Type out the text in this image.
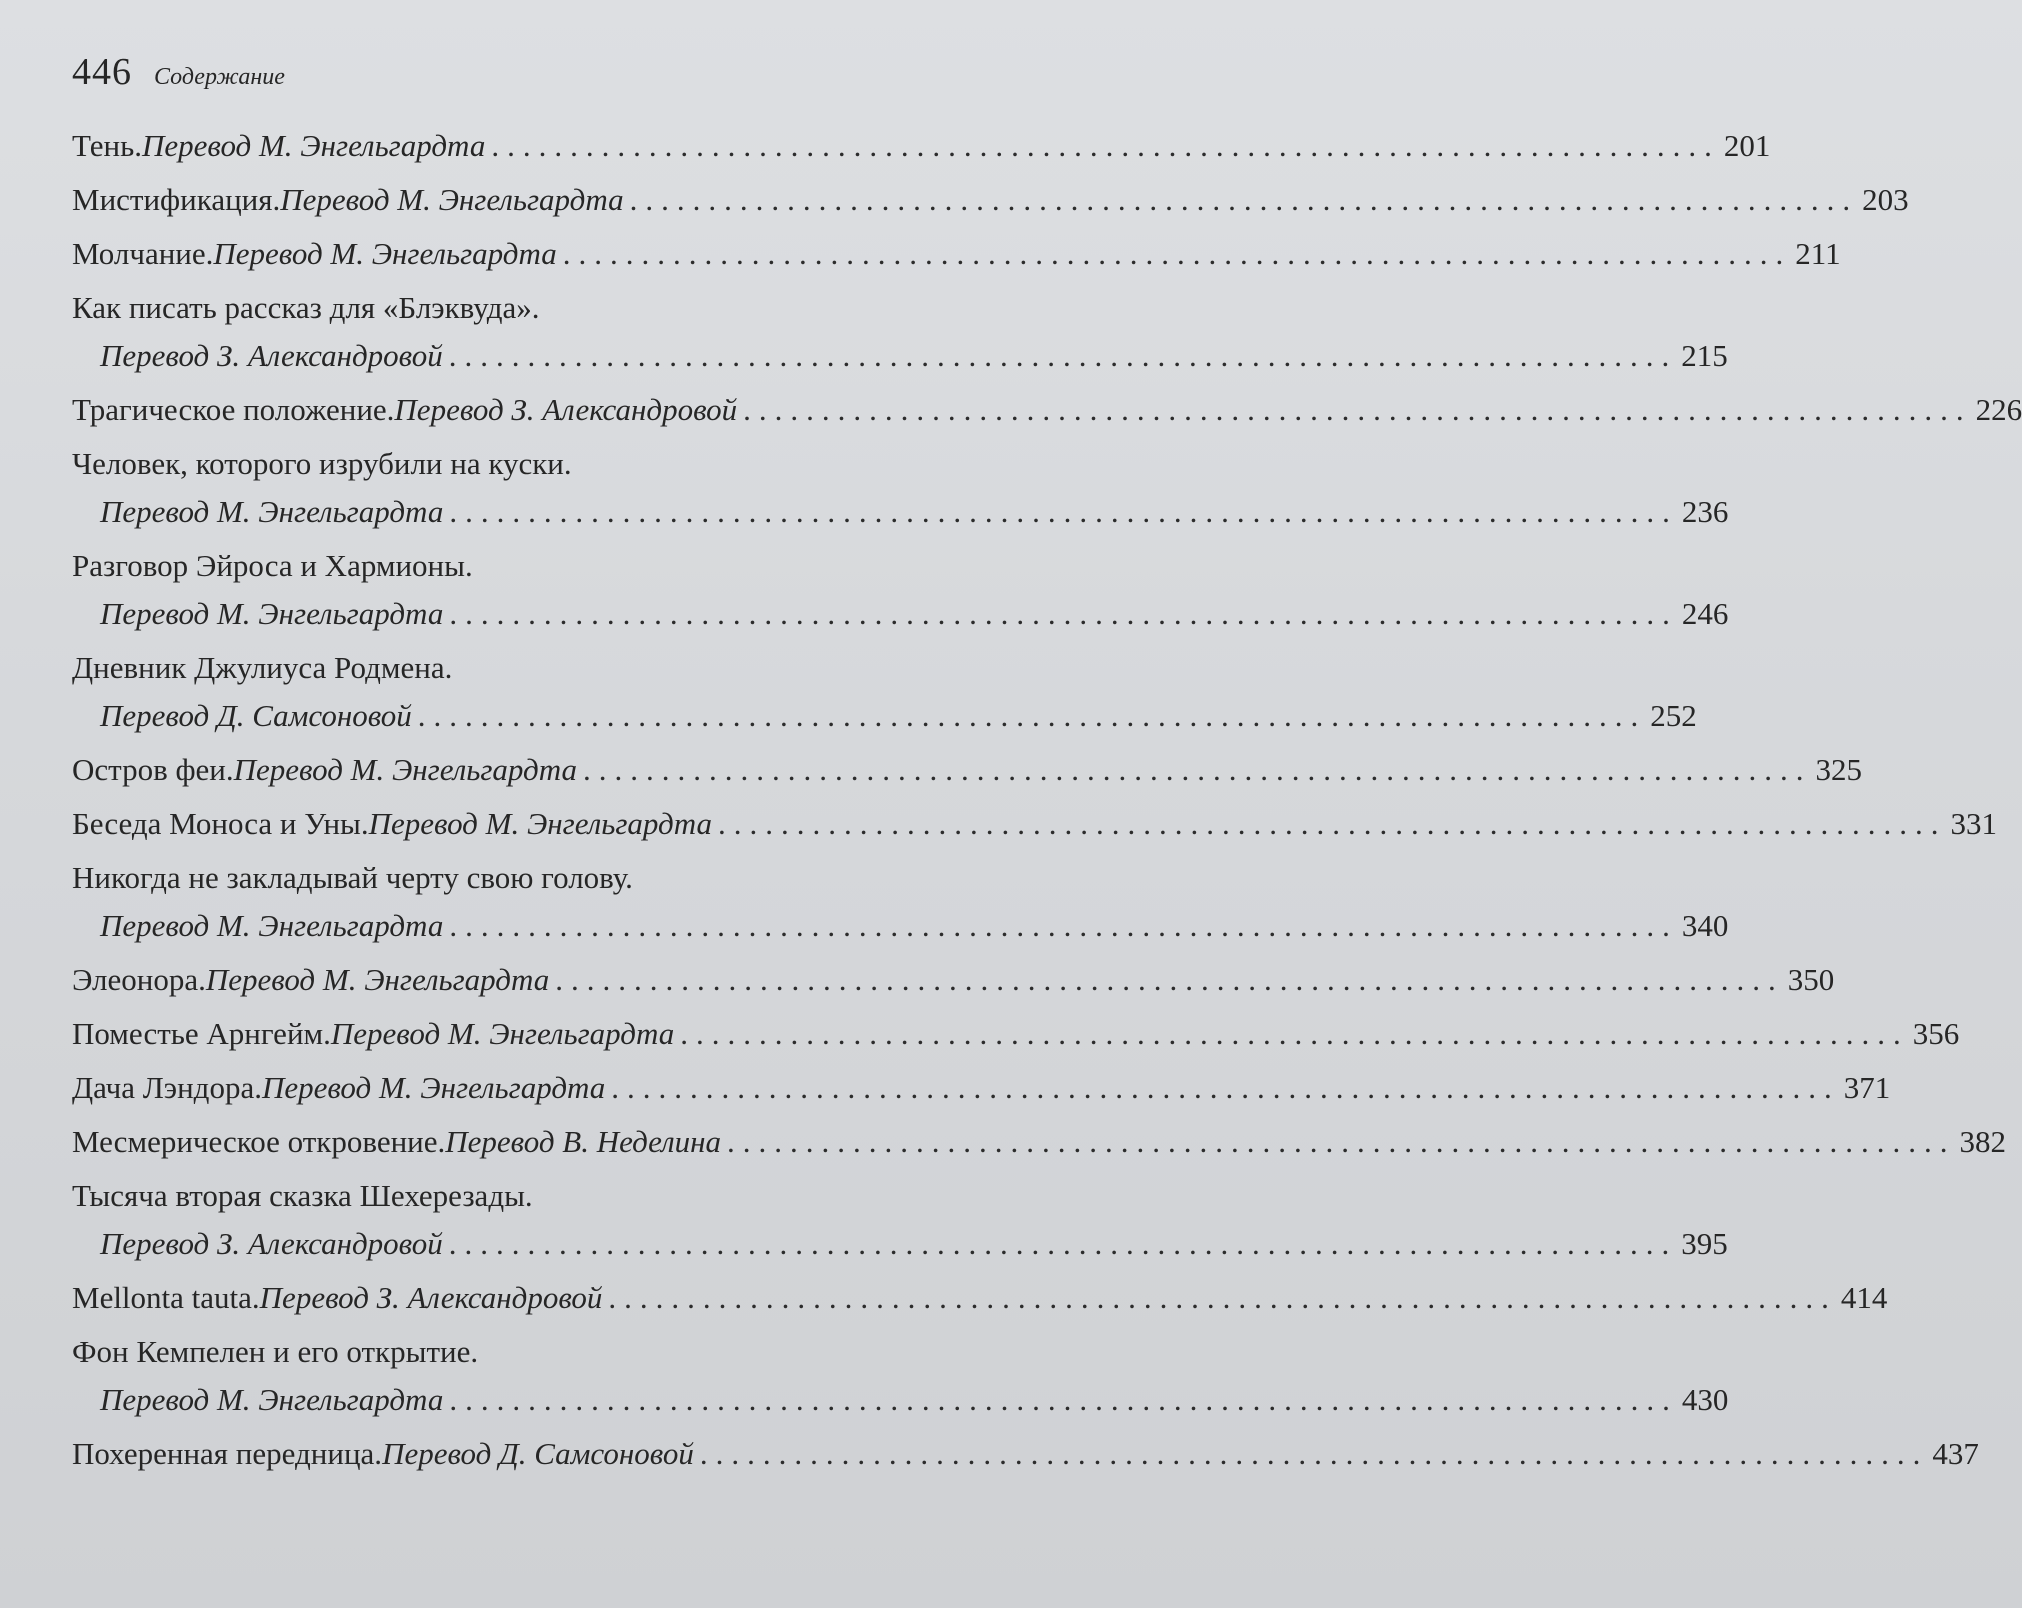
446 Содержание
Тень. Перевод М. Энгельгардта .............................................................................. 201
Мистификация. Перевод М. Энгельгардта .............................................................................. 203
Молчание. Перевод М. Энгельгардта .............................................................................. 211
Как писать рассказ для «Блэквуда».
Перевод З. Александровой .............................................................................. 215
Трагическое положение. Перевод З. Александровой .............................................................................. 226
Человек, которого изрубили на куски.
Перевод М. Энгельгардта .............................................................................. 236
Разговор Эйроса и Хармионы.
Перевод М. Энгельгардта .............................................................................. 246
Дневник Джулиуса Родмена.
Перевод Д. Самсоновой .............................................................................. 252
Остров феи. Перевод М. Энгельгардта .............................................................................. 325
Беседа Моноса и Уны. Перевод М. Энгельгардта .............................................................................. 331
Никогда не закладывай черту свою голову.
Перевод М. Энгельгардта .............................................................................. 340
Элеонора. Перевод М. Энгельгардта .............................................................................. 350
Поместье Арнгейм. Перевод М. Энгельгардта .............................................................................. 356
Дача Лэндора. Перевод М. Энгельгардта .............................................................................. 371
Месмерическое откровение. Перевод В. Неделина .............................................................................. 382
Тысяча вторая сказка Шехерезады.
Перевод З. Александровой .............................................................................. 395
Mellonta tauta. Перевод З. Александровой .............................................................................. 414
Фон Кемпелен и его открытие.
Перевод М. Энгельгардта .............................................................................. 430
Похеренная передница. Перевод Д. Самсоновой .............................................................................. 437
